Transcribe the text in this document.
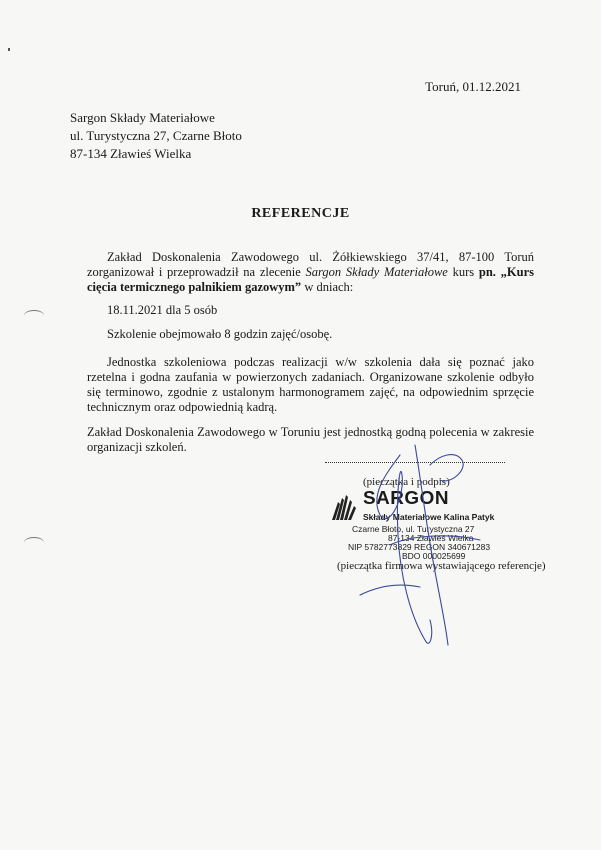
Toruń, 01.12.2021
Sargon Składy Materiałowe
ul. Turystyczna 27, Czarne Błoto
87-134 Zławieś Wielka
REFERENCJE
Zakład Doskonalenia Zawodowego ul. Żółkiewskiego 37/41, 87-100 Toruń zorganizował i przeprowadził na zlecenie Sargon Składy Materiałowe kurs pn. „Kurs cięcia termicznego palnikiem gazowym” w dniach:
18.11.2021 dla 5 osób
Szkolenie obejmowało 8 godzin zajęć/osobę.
Jednostka szkoleniowa podczas realizacji w/w szkolenia dała się poznać jako rzetelna i godna zaufania w powierzonych zadaniach. Organizowane szkolenie odbyło się terminowo, zgodnie z ustalonym harmonogramem zajęć, na odpowiednim sprzęcie technicznym oraz odpowiednią kadrą.
Zakład Doskonalenia Zawodowego w Toruniu jest jednostką godną polecenia w zakresie organizacji szkoleń.
(pieczątka i podpis)
SARGON
Składy Materiałowe Kalina Patyk
Czarne Błoto, ul. Turystyczna 27
87-134 Zławieś Wielka
NIP 5782773829 REGON 340671283
BDO 000025699
(pieczątka firmowa wystawiającego referencje)
